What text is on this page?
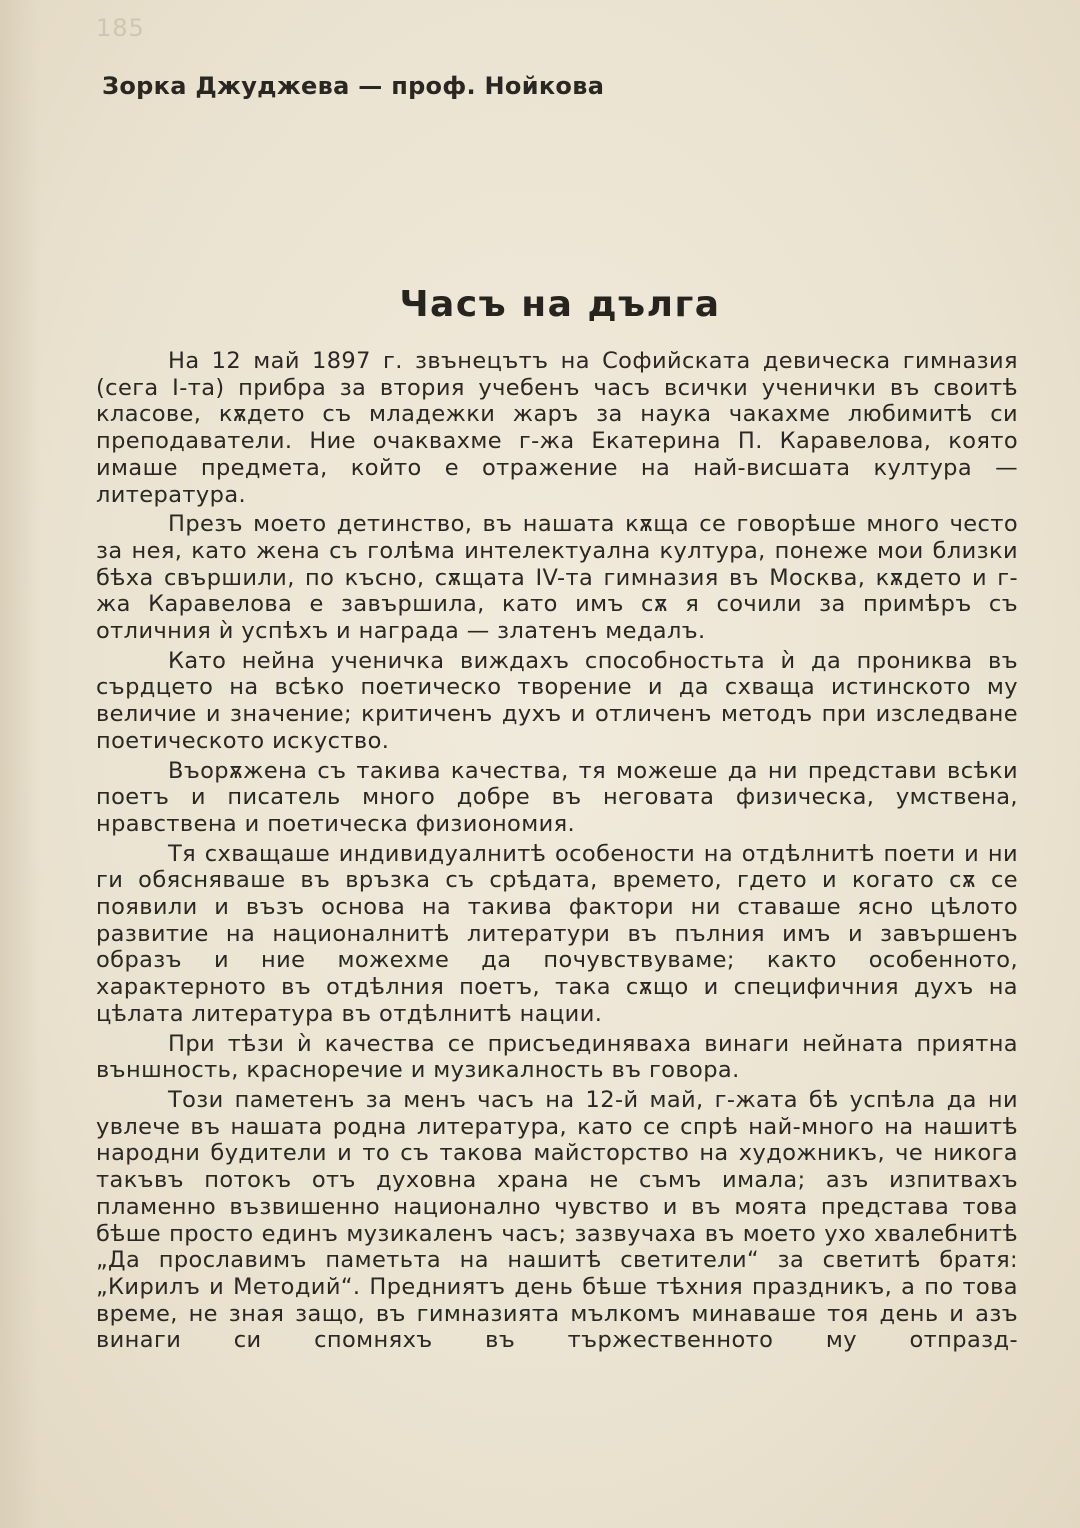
185
Зорка Джуджева — проф. Нойкова
Часъ на дълга

На 12 май 1897 г. звънецътъ на Софийската девическа гимназия (сега I-та) прибра за втория учебенъ часъ всички ученички въ своитѣ класове, кѫдето съ младежки жаръ за наука чакахме любимитѣ си преподаватели. Ние очаквахме г-жа Екатерина П. Каравелова, която имаше предмета, който е отражение на най-висшата култура — литература.

Презъ моето детинство, въ нашата кѫща се говорѣше много често за нея, като жена съ голѣма интелектуална култура, понеже мои близки бѣха свършили, по късно, сѫщата IV-та гимназия въ Москва, кѫдето и г-жа Каравелова е завършила, като имъ сѫ я сочили за примѣръ съ отличния ѝ успѣхъ и награда — златенъ медалъ.

Като нейна ученичка виждахъ способностьта ѝ да прониква въ сърдцето на всѣко поетическо творение и да схваща истинското му величие и значение; критиченъ духъ и отличенъ методъ при изследване поетическото искуство.

Въорѫжена съ такива качества, тя можеше да ни представи всѣки поетъ и писатель много добре въ неговата физическа, умствена, нравствена и поетическа физиономия.

Тя схващаше индивидуалнитѣ особености на отдѣлнитѣ поети и ни ги обясняваше въ връзка съ срѣдата, времето, гдето и когато сѫ се появили и възъ основа на такива фактори ни ставаше ясно цѣлото развитие на националнитѣ литератури въ пълния имъ и завършенъ образъ и ние можехме да почувствуваме; както особенното, характерното въ отдѣлния поетъ, така сѫщо и специфичния духъ на цѣлата литература въ отдѣлнитѣ нации.

При тѣзи ѝ качества се присъединяваха винаги нейната приятна външность, красноречие и музикалность въ говора.

Този паметенъ за менъ часъ на 12-й май, г-жата бѣ успѣла да ни увлече въ нашата родна литература, като се спрѣ най-много на нашитѣ народни будители и то съ такова майсторство на художникъ, че никога такъвъ потокъ отъ духовна храна не съмъ имала; азъ изпитвахъ пламенно възвишенно национално чувство и въ моята представа това бѣше просто единъ музикаленъ часъ; зазвучаха въ моето ухо хвалебнитѣ „Да прославимъ паметьта на нашитѣ светители“ за светитѣ братя: „Кирилъ и Методий“. Предниятъ день бѣше тѣхния праздникъ, а по това време, не зная защо, въ гимназията мълкомъ минаваше тоя день и азъ винаги си спомняхъ въ тържественното му отпразд-
